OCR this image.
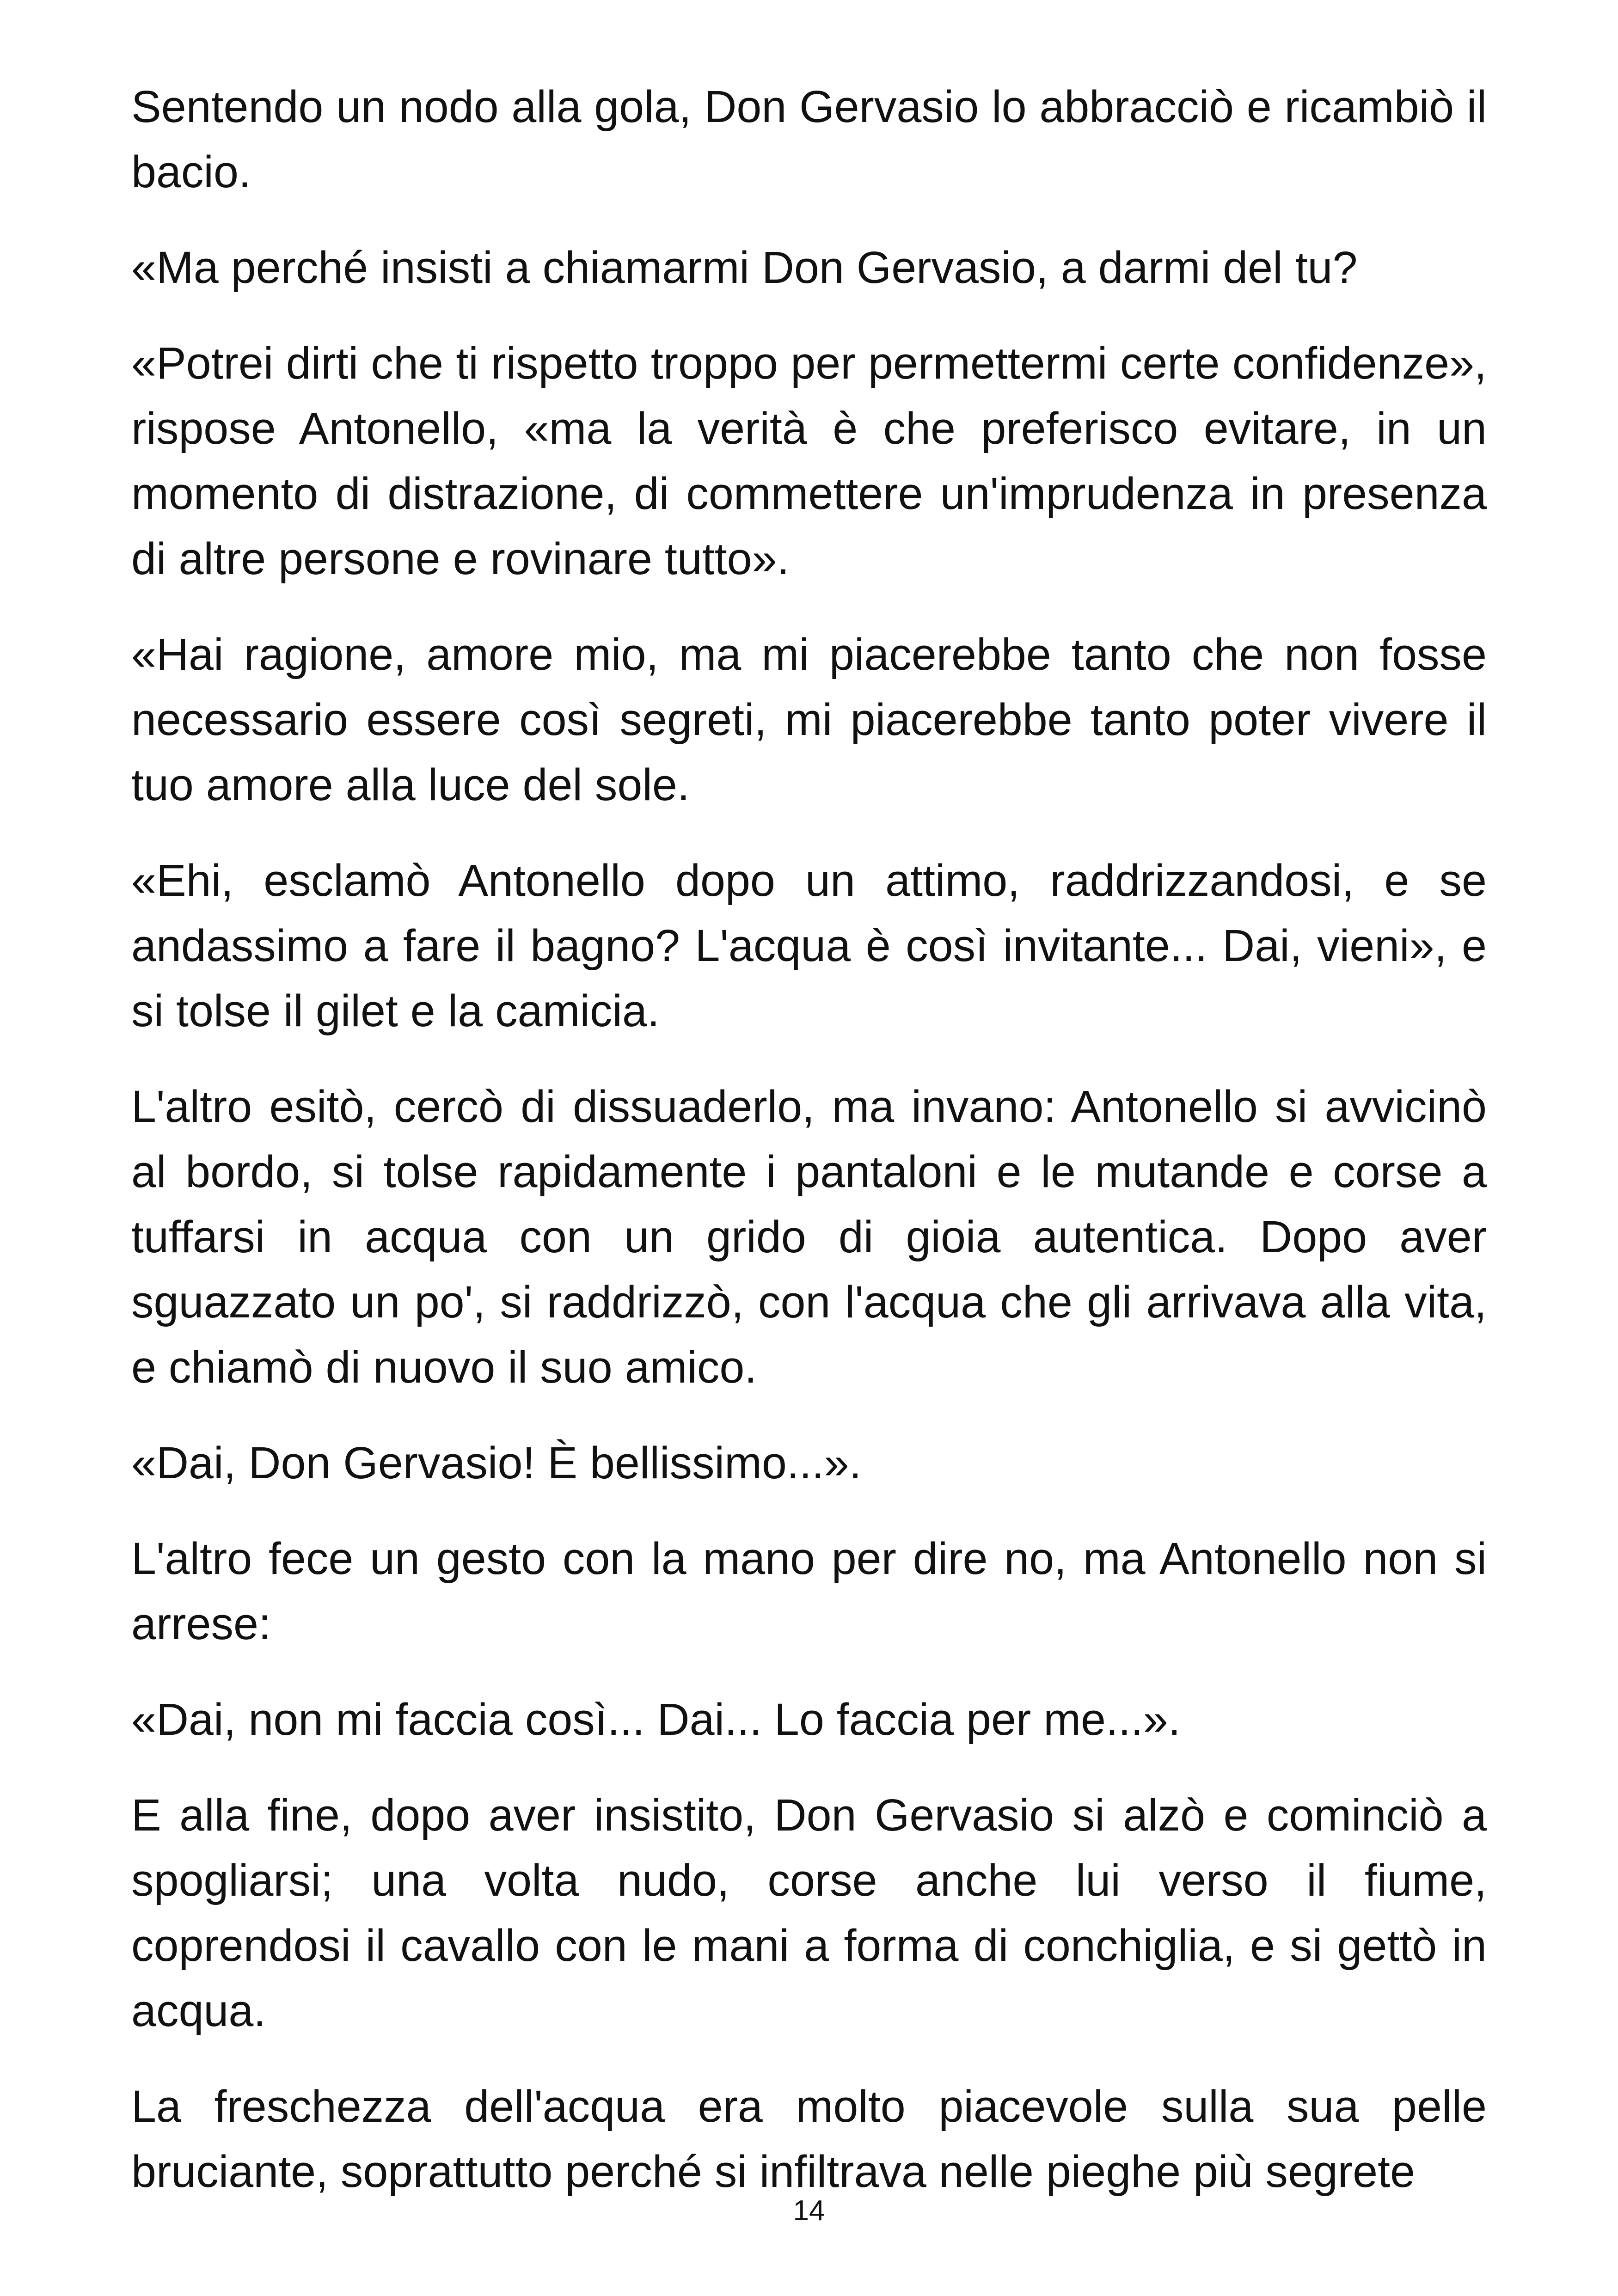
Sentendo un nodo alla gola, Don Gervasio lo abbracciò e ricambiò il bacio.

«Ma perché insisti a chiamarmi Don Gervasio, a darmi del tu?

«Potrei dirti che ti rispetto troppo per permettermi certe confidenze», rispose Antonello, «ma la verità è che preferisco evitare, in un momento di distrazione, di commettere un'imprudenza in presenza di altre persone e rovinare tutto».

«Hai ragione, amore mio, ma mi piacerebbe tanto che non fosse necessario essere così segreti, mi piacerebbe tanto poter vivere il tuo amore alla luce del sole.

«Ehi, esclamò Antonello dopo un attimo, raddrizzandosi, e se andassimo a fare il bagno? L'acqua è così invitante... Dai, vieni», e si tolse il gilet e la camicia.

L'altro esitò, cercò di dissuaderlo, ma invano: Antonello si avvicinò al bordo, si tolse rapidamente i pantaloni e le mutande e corse a tuffarsi in acqua con un grido di gioia autentica. Dopo aver sguazzato un po', si raddrizzò, con l'acqua che gli arrivava alla vita, e chiamò di nuovo il suo amico.

«Dai, Don Gervasio! È bellissimo...».

L'altro fece un gesto con la mano per dire no, ma Antonello non si arrese:

«Dai, non mi faccia così... Dai... Lo faccia per me...».

E alla fine, dopo aver insistito, Don Gervasio si alzò e cominciò a spogliarsi; una volta nudo, corse anche lui verso il fiume, coprendosi il cavallo con le mani a forma di conchiglia, e si gettò in acqua.

La freschezza dell'acqua era molto piacevole sulla sua pelle bruciante, soprattutto perché si infiltrava nelle pieghe più segrete

14
